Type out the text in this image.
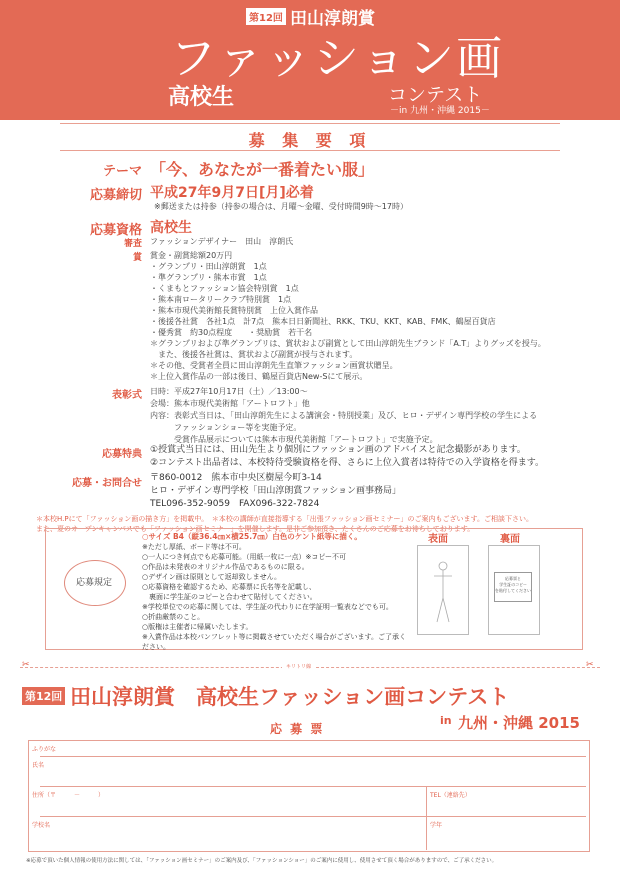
第12回 田山淳朗賞
ファッション画
高校生	コンテスト
－in 九州・沖縄 2015－
募 集 要 項
テーマ 「今、あなたが一番着たい服」
応募締切 平成27年9月7日[月]必着
※郵送または持参（持参の場合は、月曜～金曜、受付時間9時～17時）
応募資格 高校生
審査 ファッションデザイナー　田山　淳朗氏
賞 賞金・副賞総額20万円
・グランプリ・田山淳朗賞　1点
・準グランプリ・熊本市賞　1点
・くまもとファッション協会特別賞　1点
・熊本南ロータリークラブ特別賞　1点
・熊本市現代美術館長賞特別賞　上位入賞作品
・後援各社賞　各社1点　計7点　熊本日日新聞社、RKK、TKU、KKT、KAB、FMK、鶴屋百貨店
・優秀賞　約30点程度　　・奨励賞　若干名
＊グランプリおよび準グランプリは、賞状および副賞として田山淳朗先生ブランド「A.T」よりグッズを授与。
　また、後援各社賞は、賞状および副賞が授与されます。
＊その他、受賞者全員に田山淳朗先生直筆ファッション画賞状贈呈。
＊上位入賞作品の一部は後日、鶴屋百貨店New-Sにて展示。
表彰式 日時：平成27年10月17日（土）／13:00～
会場：熊本市現代美術館「アートロフト」他
内容：表彰式当日は、「田山淳朗先生による講演会・特別授業」及び、ヒロ・デザイン専門学校の学生による
　　　ファッションショー等を実施予定。
　　　受賞作品展示については熊本市現代美術館「アートロフト」で実施予定。
応募特典 ①授賞式当日には、田山先生より個別にファッション画のアドバイスと記念撮影があります。
②コンテスト出品者は、本校特待受験資格を得、さらに上位入賞者は特待での入学資格を得ます。
応募・お問合せ 〒860-0012　熊本市中央区樹屋今町3-14
ヒロ・デザイン専門学校「田山淳朗賞ファッション画事務局」
TEL096-352-9059　FAX096-322-7824
＊本校H.Pにて「ファッション画の描き方」を掲載中。　＊本校の講師が直接指導する「出張ファッション画セミナー」のご案内もございます。ご相談下さい。
また、夏のオープンキャンパスでも「ファッション画セミナー」を開催します。是非ご参加頂き、たくさんのご応募をお待ちしております。
応募規定
○サイズ B4（縦36.4㎝×横25.7㎝）白色のケント紙等に描く。
※ただし厚紙、ボード等は不可。
○一人につき何点でも応募可能。（用紙一枚に一点）※コピー不可
○作品は未発表のオリジナル作品であるものに限る。
○デザイン画は原則として返却致しません。
○応募資格を確認するため、応募票に氏名等を記載し、
　裏面に学生証のコピーと合わせて貼付してください。
※学校単位での応募に関しては、学生証の代わりに在学証明一覧表などでも可。
○折曲厳禁のこと。
○版権は主催者に帰属いたします。
※入賞作品は本校パンフレット等に掲載させていただく場合がございます。ご了承ください。
表面	裏面
応募票と
学生証のコピー
を貼付してください
✂	✂
キリトリ線
第12回 田山淳朗賞　高校生ファッション画コンテスト
応 募 票
in 九州・沖縄 2015
ふりがな
氏名
住所（〒　　　－　　　）	TEL（連絡先）
学校名	学年
※応募で頂いた個人情報の使用方法に関しては、「ファッション画セミナー」のご案内及び、「ファッションショー」のご案内に使用し、使用させて頂く場合がありますので、ご了承ください。
